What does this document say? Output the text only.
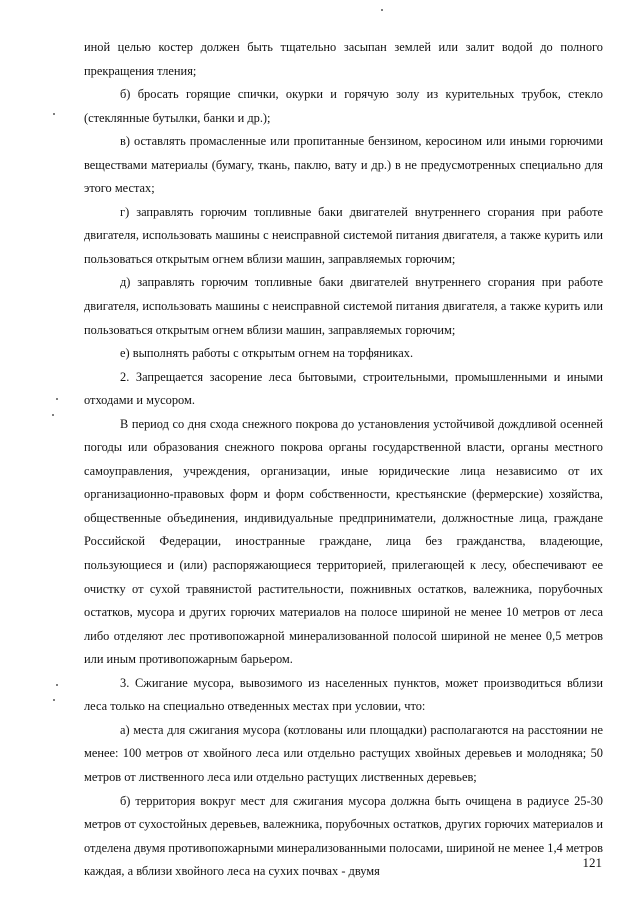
иной целью костер должен быть тщательно засыпан землей или залит водой до полного прекращения тления;

б) бросать горящие спички, окурки и горячую золу из курительных трубок, стекло (стеклянные бутылки, банки и др.);

в) оставлять промасленные или пропитанные бензином, керосином или иными горючими веществами материалы (бумагу, ткань, паклю, вату и др.) в не предусмотренных специально для этого местах;

г) заправлять горючим топливные баки двигателей внутреннего сгорания при работе двигателя, использовать машины с неисправной системой питания двигателя, а также курить или пользоваться открытым огнем вблизи машин, заправляемых горючим;

д) заправлять горючим топливные баки двигателей внутреннего сгорания при работе двигателя, использовать машины с неисправной системой питания двигателя, а также курить или пользоваться открытым огнем вблизи машин, заправляемых горючим;

е) выполнять работы с открытым огнем на торфяниках.

2. Запрещается засорение леса бытовыми, строительными, промышленными и иными отходами и мусором.

В период со дня схода снежного покрова до установления устойчивой дождливой осенней погоды или образования снежного покрова органы государственной власти, органы местного самоуправления, учреждения, организации, иные юридические лица независимо от их организационно-правовых форм и форм собственности, крестьянские (фермерские) хозяйства, общественные объединения, индивидуальные предприниматели, должностные лица, граждане Российской Федерации, иностранные граждане, лица без гражданства, владеющие, пользующиеся и (или) распоряжающиеся территорией, прилегающей к лесу, обеспечивают ее очистку от сухой травянистой растительности, пожнивных остатков, валежника, порубочных остатков, мусора и других горючих материалов на полосе шириной не менее 10 метров от леса либо отделяют лес противопожарной минерализованной полосой шириной не менее 0,5 метров или иным противопожарным барьером.

3. Сжигание мусора, вывозимого из населенных пунктов, может производиться вблизи леса только на специально отведенных местах при условии, что:

а) места для сжигания мусора (котлованы или площадки) располагаются на расстоянии не менее: 100 метров от хвойного леса или отдельно растущих хвойных деревьев и молодняка; 50 метров от лиственного леса или отдельно растущих лиственных деревьев;

б) территория вокруг мест для сжигания мусора должна быть очищена в радиусе 25-30 метров от сухостойных деревьев, валежника, порубочных остатков, других горючих материалов и отделена двумя противопожарными минерализованными полосами, шириной не менее 1,4 метров каждая, а вблизи хвойного леса на сухих почвах - двумя

121
